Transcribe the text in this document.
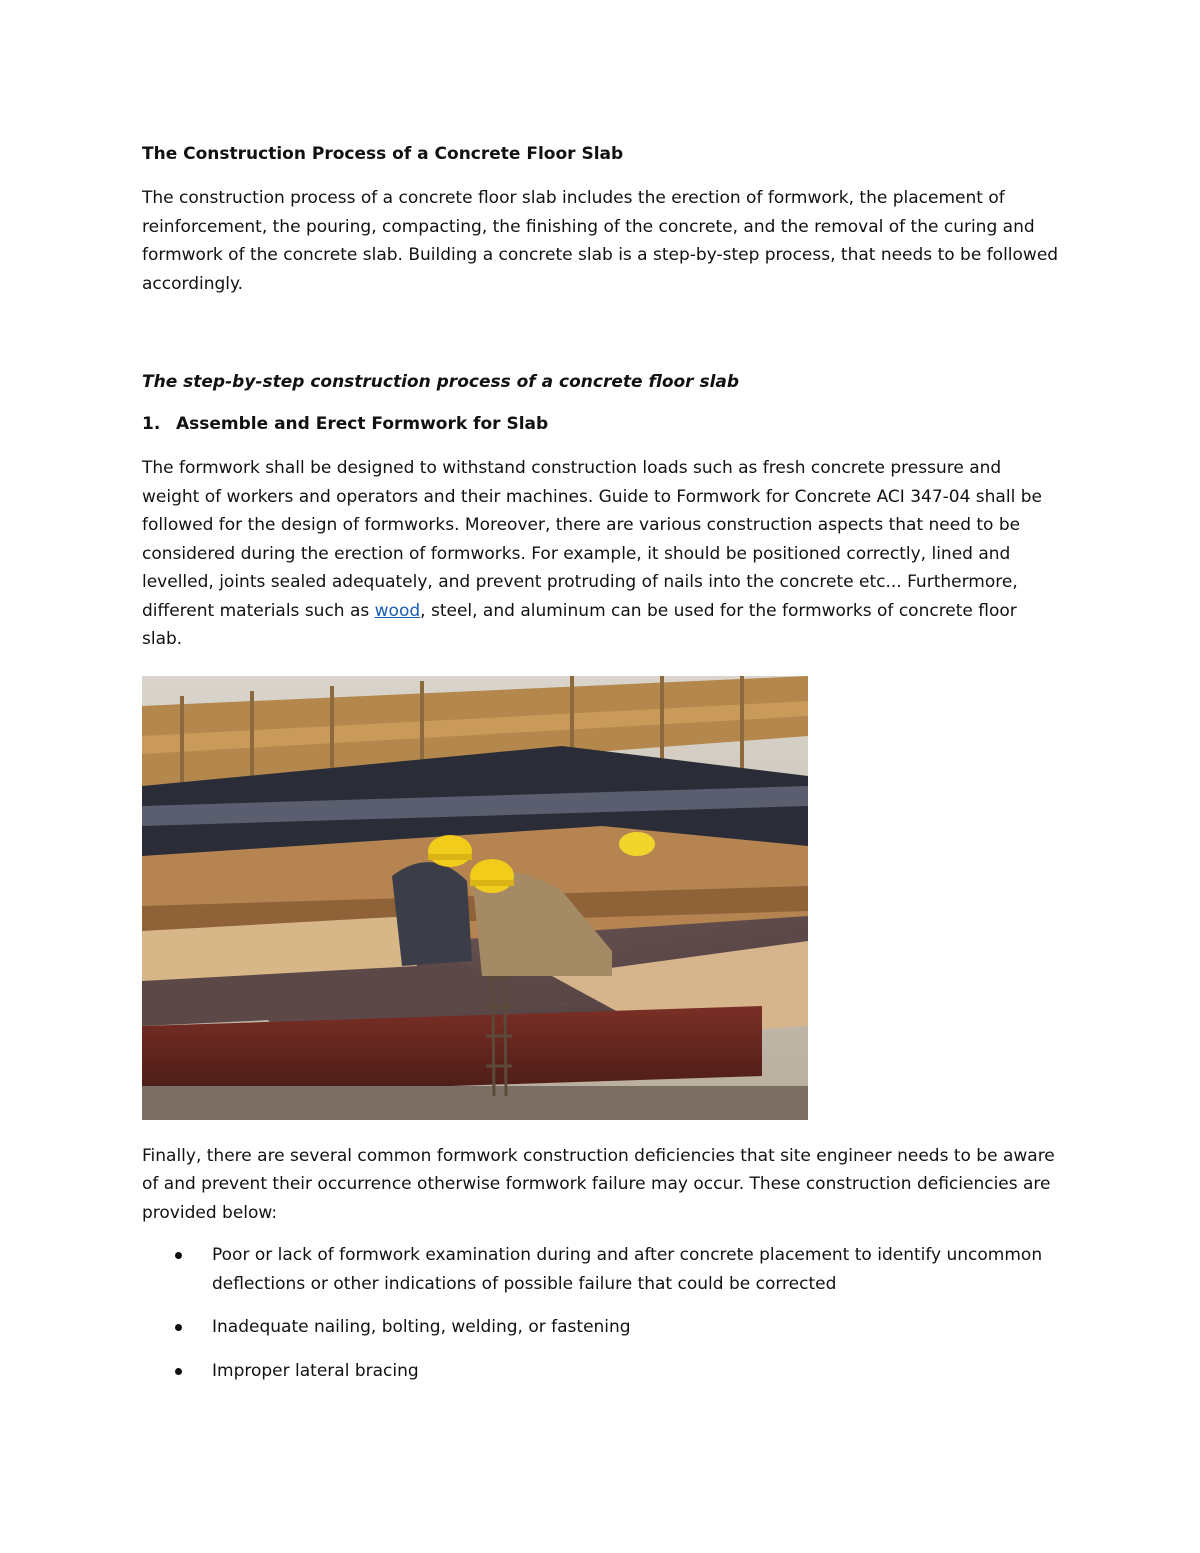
The Construction Process of a Concrete Floor Slab

The construction process of a concrete floor slab includes the erection of formwork, the placement of reinforcement, the pouring, compacting, the finishing of the concrete, and the removal of the curing and formwork of the concrete slab. Building a concrete slab is a step-by-step process, that needs to be followed accordingly.

The step-by-step construction process of a concrete floor slab

1. Assemble and Erect Formwork for Slab

The formwork shall be designed to withstand construction loads such as fresh concrete pressure and weight of workers and operators and their machines. Guide to Formwork for Concrete ACI 347-04 shall be followed for the design of formworks. Moreover, there are various construction aspects that need to be considered during the erection of formworks. For example, it should be positioned correctly, lined and levelled, joints sealed adequately, and prevent protruding of nails into the concrete etc... Furthermore, different materials such as wood, steel, and aluminum can be used for the formworks of concrete floor slab.

Finally, there are several common formwork construction deficiencies that site engineer needs to be aware of and prevent their occurrence otherwise formwork failure may occur. These construction deficiencies are provided below:

Poor or lack of formwork examination during and after concrete placement to identify uncommon deflections or other indications of possible failure that could be corrected
Inadequate nailing, bolting, welding, or fastening
Improper lateral bracing
